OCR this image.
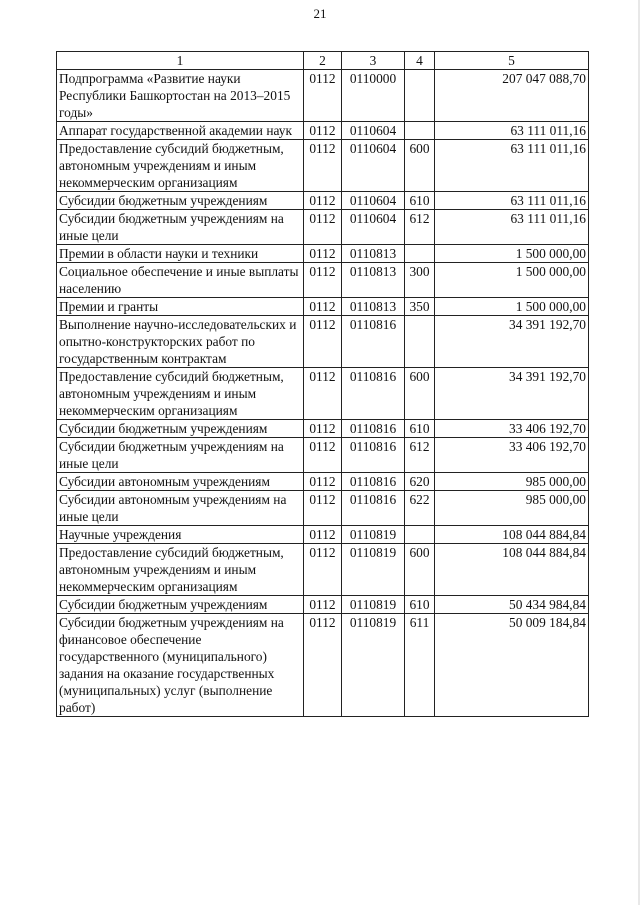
21
1	2	3	4	5
Подпрограмма «Развитие науки Республики Башкортостан на 2013–2015 годы»	0112	0110000		207 047 088,70
Аппарат государственной академии наук	0112	0110604		63 111 011,16
Предоставление субсидий бюджетным, автономным учреждениям и иным некоммерческим организациям	0112	0110604	600	63 111 011,16
Субсидии бюджетным учреждениям	0112	0110604	610	63 111 011,16
Субсидии бюджетным учреждениям на иные цели	0112	0110604	612	63 111 011,16
Премии в области науки и техники	0112	0110813		1 500 000,00
Социальное обеспечение и иные выплаты населению	0112	0110813	300	1 500 000,00
Премии и гранты	0112	0110813	350	1 500 000,00
Выполнение научно-исследовательских и опытно-конструкторских работ по государственным контрактам	0112	0110816		34 391 192,70
Предоставление субсидий бюджетным, автономным учреждениям и иным некоммерческим организациям	0112	0110816	600	34 391 192,70
Субсидии бюджетным учреждениям	0112	0110816	610	33 406 192,70
Субсидии бюджетным учреждениям на иные цели	0112	0110816	612	33 406 192,70
Субсидии автономным учреждениям	0112	0110816	620	985 000,00
Субсидии автономным учреждениям на иные цели	0112	0110816	622	985 000,00
Научные учреждения	0112	0110819		108 044 884,84
Предоставление субсидий бюджетным, автономным учреждениям и иным некоммерческим организациям	0112	0110819	600	108 044 884,84
Субсидии бюджетным учреждениям	0112	0110819	610	50 434 984,84
Субсидии бюджетным учреждениям на финансовое обеспечение государственного (муниципального) задания на оказание государственных (муниципальных) услуг (выполнение работ)	0112	0110819	611	50 009 184,84
